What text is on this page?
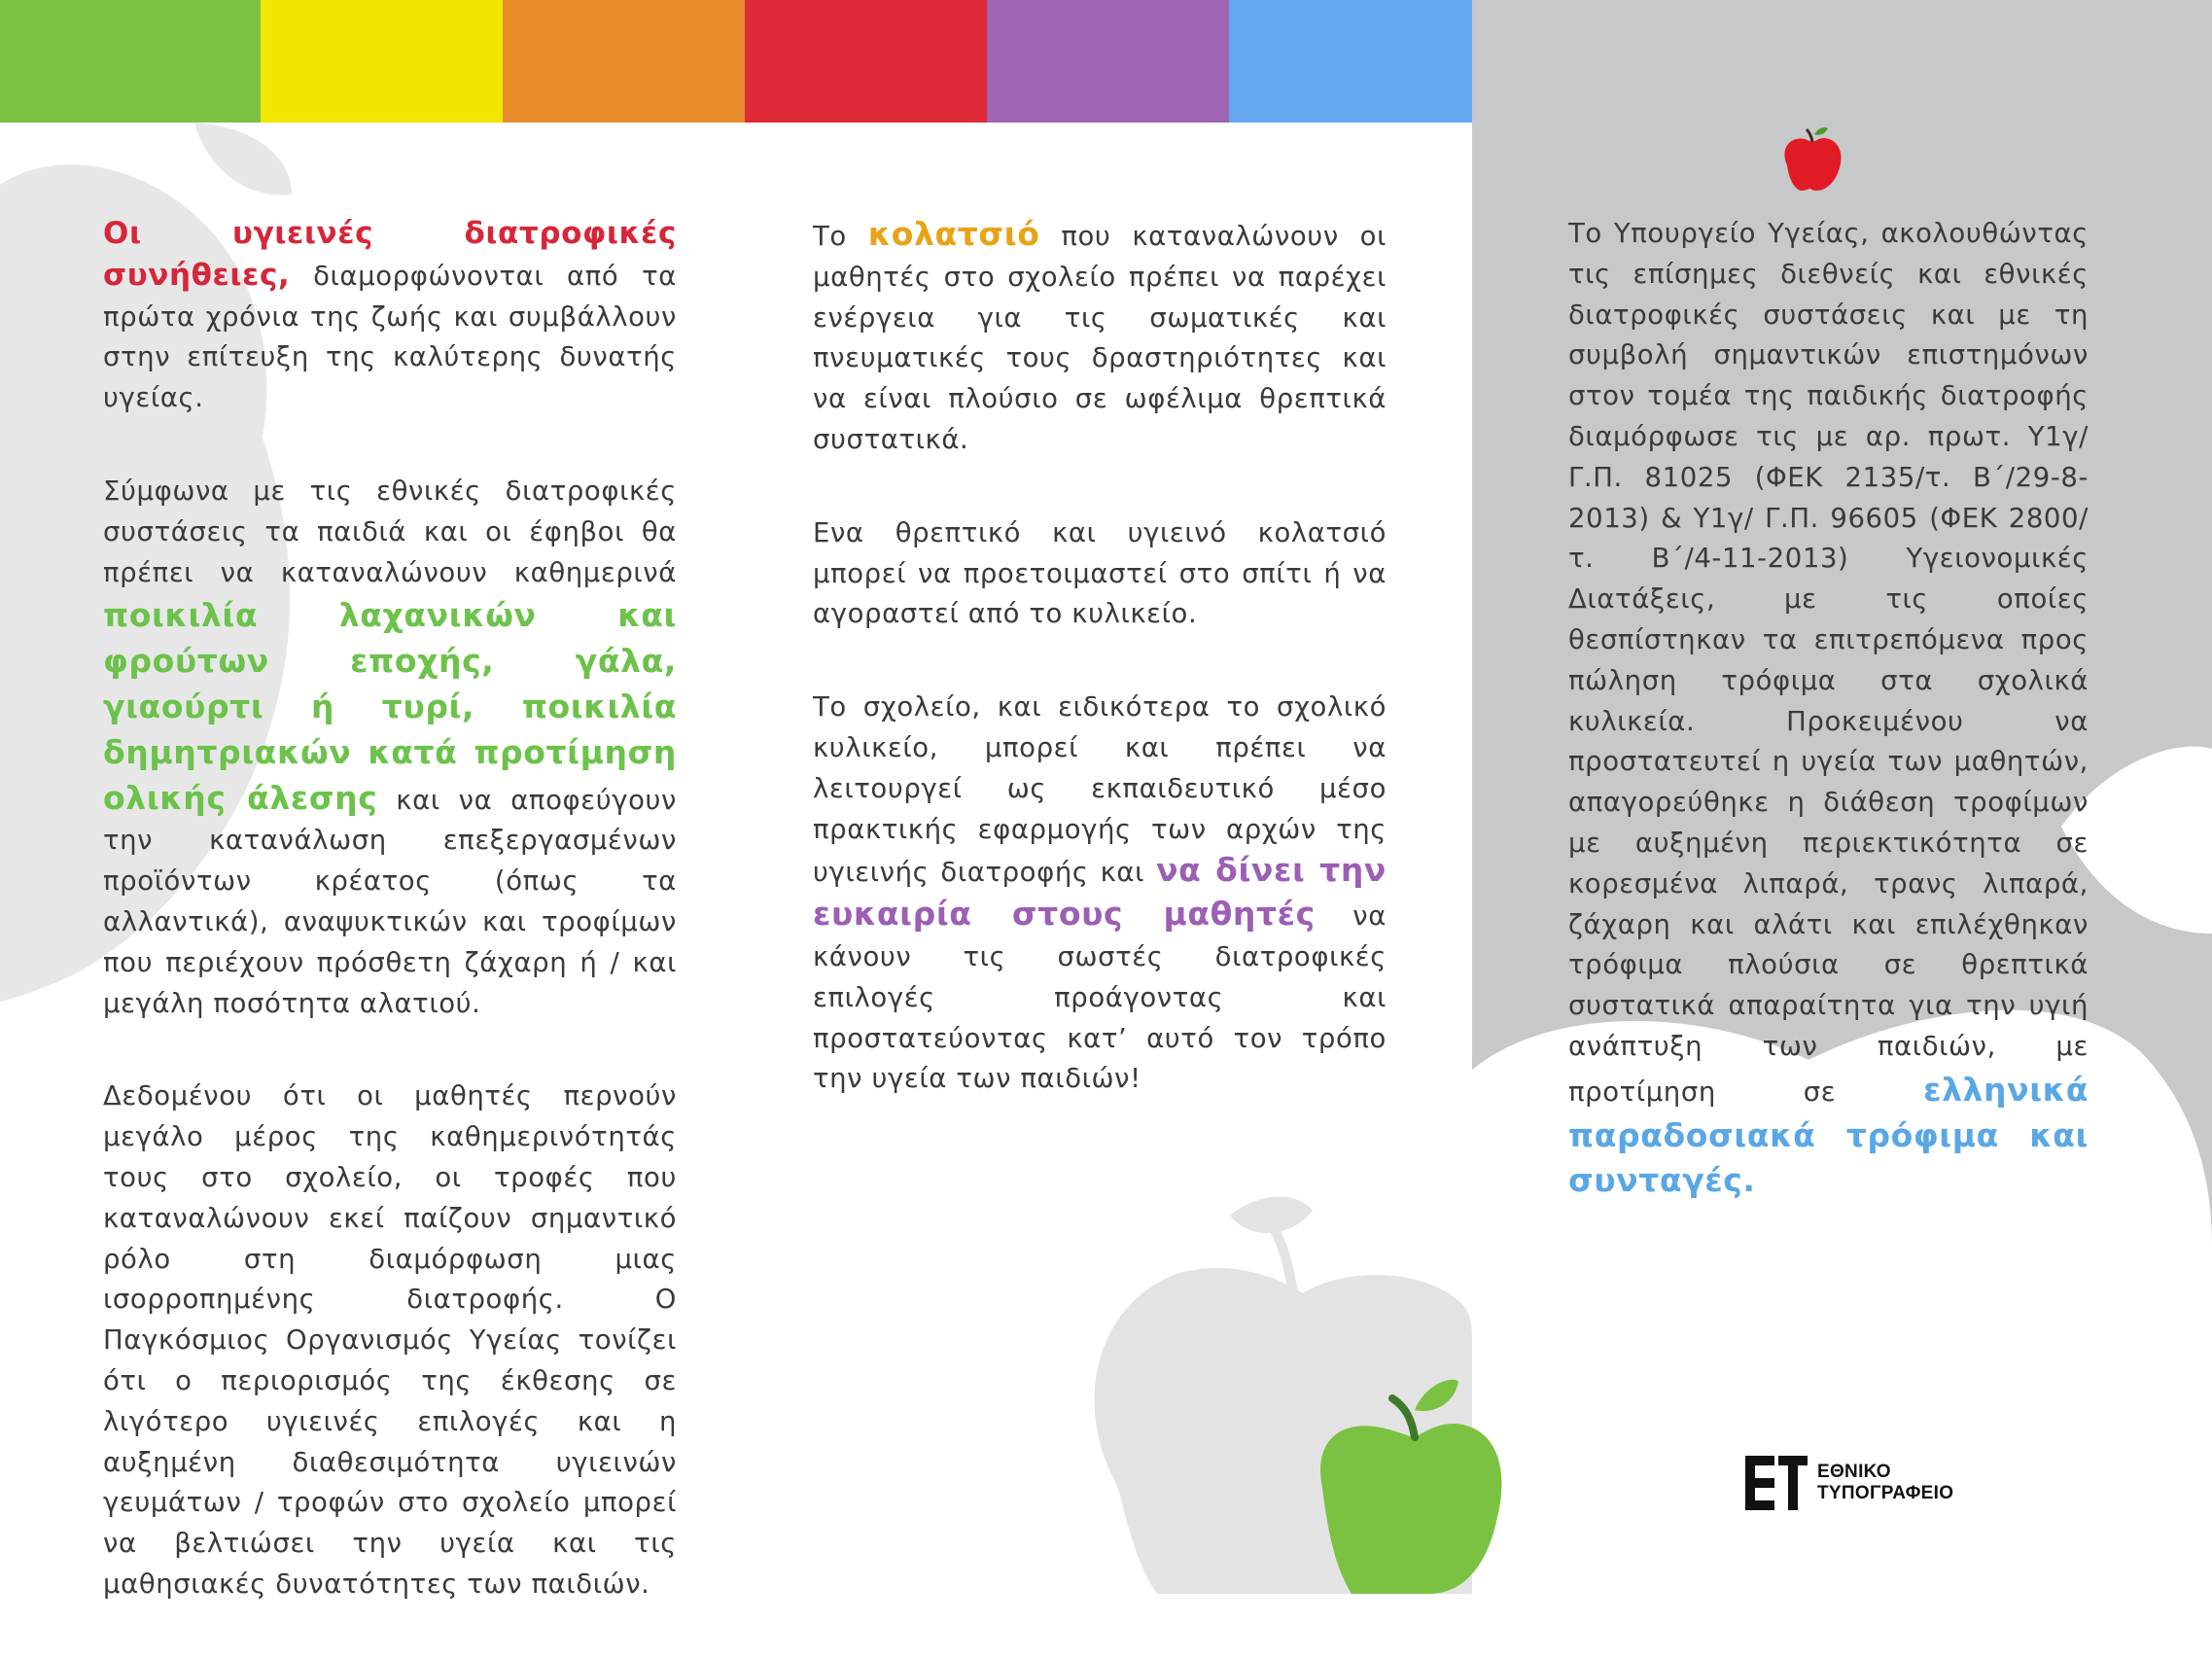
Οι υγιεινές διατροφικές συνήθειες, διαμορφώνονται από τα πρώτα χρόνια της ζωής και συμβάλλουν στην επίτευξη της καλύτερης δυνατής υγείας.

Σύμφωνα με τις εθνικές διατροφικές συστάσεις τα παιδιά και οι έφηβοι θα πρέπει να καταναλώνουν καθημερινά ποικιλία λαχανικών και φρούτων εποχής, γάλα, γιαούρτι ή τυρί, ποικιλία δημητριακών κατά προτίμηση ολικής άλεσης και να αποφεύγουν την κατανάλωση επεξεργασμένων προϊόντων κρέατος (όπως τα αλλαντικά), αναψυκτικών και τροφίμων που περιέχουν πρόσθετη ζάχαρη ή / και μεγάλη ποσότητα αλατιού.

Δεδομένου ότι οι μαθητές περνούν μεγάλο μέρος της καθημερινότητάς τους στο σχολείο, οι τροφές που καταναλώνουν εκεί παίζουν σημαντικό ρόλο στη διαμόρφωση μιας ισορροπημένης διατροφής. Ο Παγκόσμιος Οργανισμός Υγείας τονίζει ότι ο περιορισμός της έκθεσης σε λιγότερο υγιεινές επιλογές και η αυξημένη διαθεσιμότητα υγιεινών γευμάτων / τροφών στο σχολείο μπορεί να βελτιώσει την υγεία και τις μαθησιακές δυνατότητες των παιδιών.

Το κολατσιό που καταναλώνουν οι μαθητές στο σχολείο πρέπει να παρέχει ενέργεια για τις σωματικές και πνευματικές τους δραστηριότητες και να είναι πλούσιο σε ωφέλιμα θρεπτικά συστατικά.

Ενα θρεπτικό και υγιεινό κολατσιό μπορεί να προετοιμαστεί στο σπίτι ή να αγοραστεί από το κυλικείο.

Το σχολείο, και ειδικότερα το σχολικό κυλικείο, μπορεί και πρέπει να λειτουργεί ως εκπαιδευτικό μέσο πρακτικής εφαρμογής των αρχών της υγιεινής διατροφής και να δίνει την ευκαιρία στους μαθητές να κάνουν τις σωστές διατροφικές επιλογές προάγοντας και προστατεύοντας κατ’ αυτό τον τρόπο την υγεία των παιδιών!

Το Υπουργείο Υγείας, ακολουθώντας τις επίσημες διεθνείς και εθνικές διατροφικές συστάσεις και με τη συμβολή σημαντικών επιστημόνων στον τομέα της παιδικής διατροφής διαμόρφωσε τις με αρ. πρωτ. Υ1γ/Γ.Π. 81025 (ΦΕΚ 2135/τ. Β΄/29-8-2013) & Υ1γ/ Γ.Π. 96605 (ΦΕΚ 2800/τ. Β΄/4-11-2013) Υγειονομικές Διατάξεις, με τις οποίες θεσπίστηκαν τα επιτρεπόμενα προς πώληση τρόφιμα στα σχολικά κυλικεία. Προκειμένου να προστατευτεί η υγεία των μαθητών, απαγορεύθηκε η διάθεση τροφίμων με αυξημένη περιεκτικότητα σε κορεσμένα λιπαρά, τρανς λιπαρά, ζάχαρη και αλάτι και επιλέχθηκαν τρόφιμα πλούσια σε θρεπτικά συστατικά απαραίτητα για την υγιή ανάπτυξη των παιδιών, με προτίμηση σε ελληνικά παραδοσιακά τρόφιμα και συνταγές.

ΕΘΝΙΚΟ
ΤΥΠΟΓΡΑΦΕΙΟ
